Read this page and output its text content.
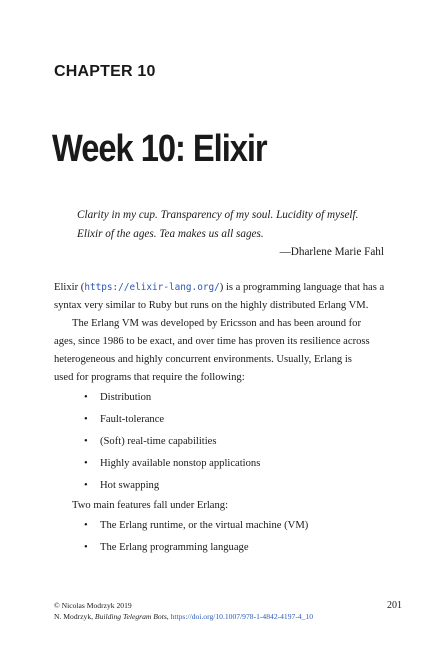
CHAPTER 10
Week 10: Elixir

Clarity in my cup. Transparency of my soul. Lucidity of myself.

Elixir of the ages. Tea makes us all sages.

—Dharlene Marie Fahl

Elixir (https://elixir-lang.org/) is a programming language that has a
syntax very similar to Ruby but runs on the highly distributed Erlang VM.

The Erlang VM was developed by Ericsson and has been around for
ages, since 1986 to be exact, and over time has proven its resilience across
heterogeneous and highly concurrent environments. Usually, Erlang is
used for programs that require the following:

• Distribution
• Fault-tolerance
• (Soft) real-time capabilities
• Highly available nonstop applications
• Hot swapping

Two main features fall under Erlang:

• The Erlang runtime, or the virtual machine (VM)
• The Erlang programming language
© Nicolas Modrzyk 2019
N. Modrzyk, Building Telegram Bots, https://doi.org/10.1007/978-1-4842-4197-4_10
201
